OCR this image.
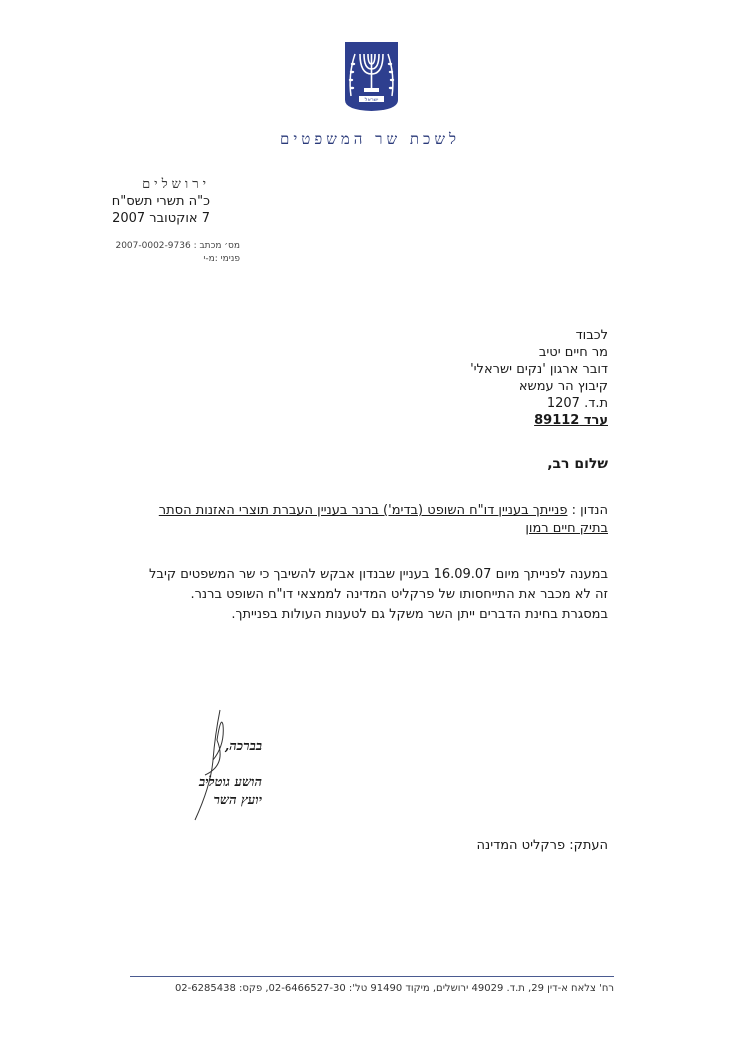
ישראל
לשכת שר המשפטים
ירושלים
כ"ה תשרי תשס"ח
7 אוקטובר 2007
מס׳ מכתב : 2007-0002-9736
פנימי :מ-י
לכבוד
מר חיים יטיב
דובר ארגון 'נקים ישראלי'
קיבוץ הר עמשא
ת.ד. 1207
ערד 89112
שלום רב,
הנדון : פנייתך בעניין דו"ח השופט (בדימ') ברנר בעניין העברת תוצרי האזנות הסתר
בתיק חיים רמון

במענה לפנייתך מיום 16.09.07 בעניין שבנדון אבקש להשיבך כי שר המשפטים קיבל

זה לא מכבר את התייחסותו של פרקליט המדינה לממצאי דו"ח השופט ברנר.

במסגרת בחינת הדברים ייתן השר משקל גם לטענות העולות בפנייתך.

בברכה,
הושע גוטליב
יועץ השר
העתק: פרקליט המדינה
רח' צלאח א-דין 29, ת.ד. 49029 ירושלים, מיקוד 91490 טל': 02-6466527-30, פקס: 02-6285438
